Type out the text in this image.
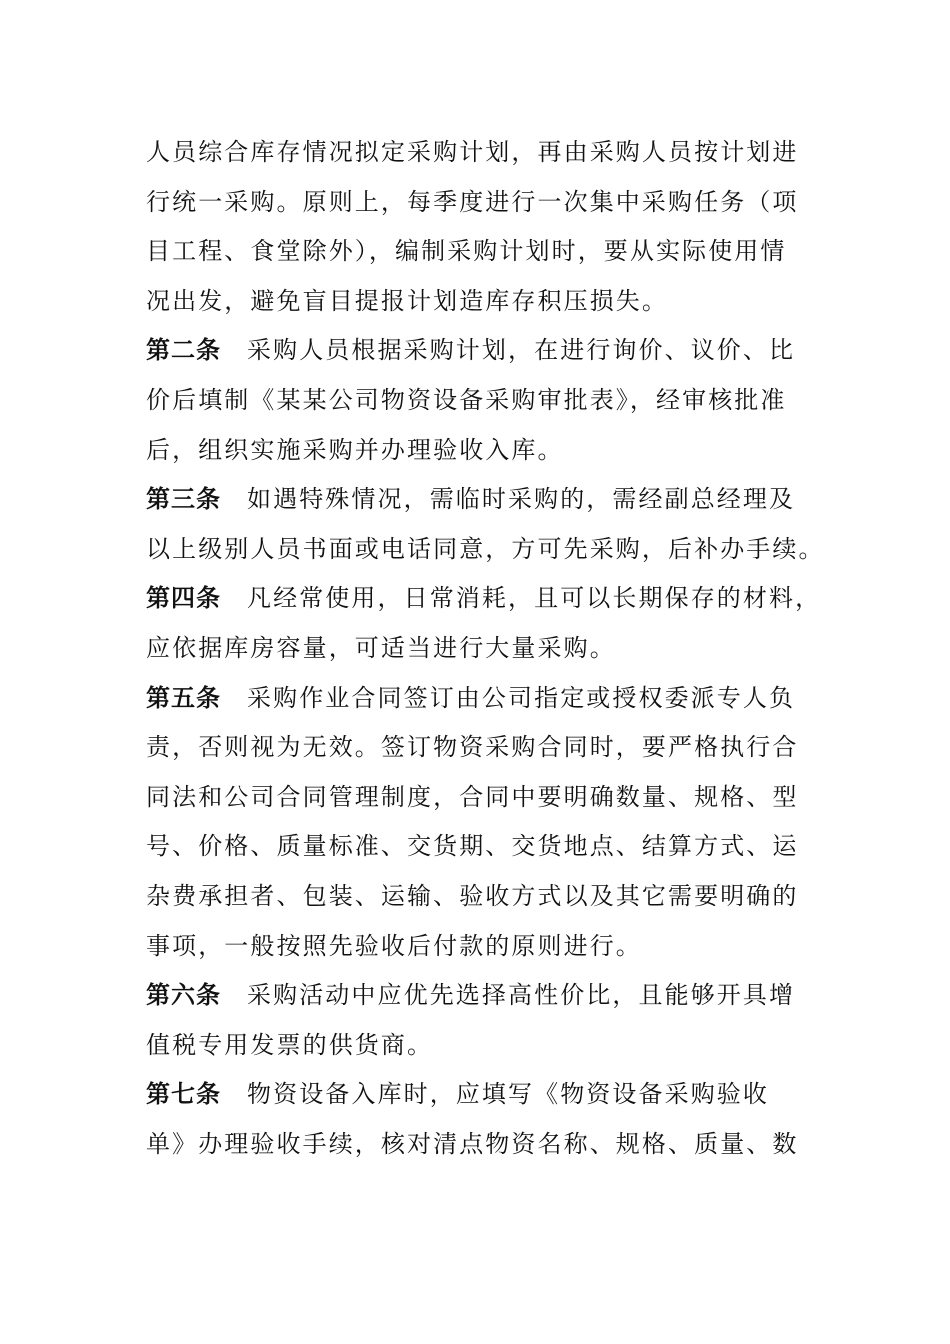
人员综合库存情况拟定采购计划，再由采购人员按计划进
行统一采购。原则上，每季度进行一次集中采购任务（项
目工程、食堂除外），编制采购计划时，要从实际使用情
况出发，避免盲目提报计划造库存积压损失。
第二条 采购人员根据采购计划，在进行询价、议价、比
价后填制《某某公司物资设备采购审批表》，经审核批准
后，组织实施采购并办理验收入库。
第三条 如遇特殊情况，需临时采购的，需经副总经理及
以上级别人员书面或电话同意，方可先采购，后补办手续。
第四条 凡经常使用，日常消耗，且可以长期保存的材料，
应依据库房容量，可适当进行大量采购。
第五条 采购作业合同签订由公司指定或授权委派专人负
责，否则视为无效。签订物资采购合同时，要严格执行合
同法和公司合同管理制度，合同中要明确数量、规格、型
号、价格、质量标准、交货期、交货地点、结算方式、运
杂费承担者、包装、运输、验收方式以及其它需要明确的
事项，一般按照先验收后付款的原则进行。
第六条 采购活动中应优先选择高性价比，且能够开具增
值税专用发票的供货商。
第七条 物资设备入库时，应填写《物资设备采购验收
单》办理验收手续，核对清点物资名称、规格、质量、数
